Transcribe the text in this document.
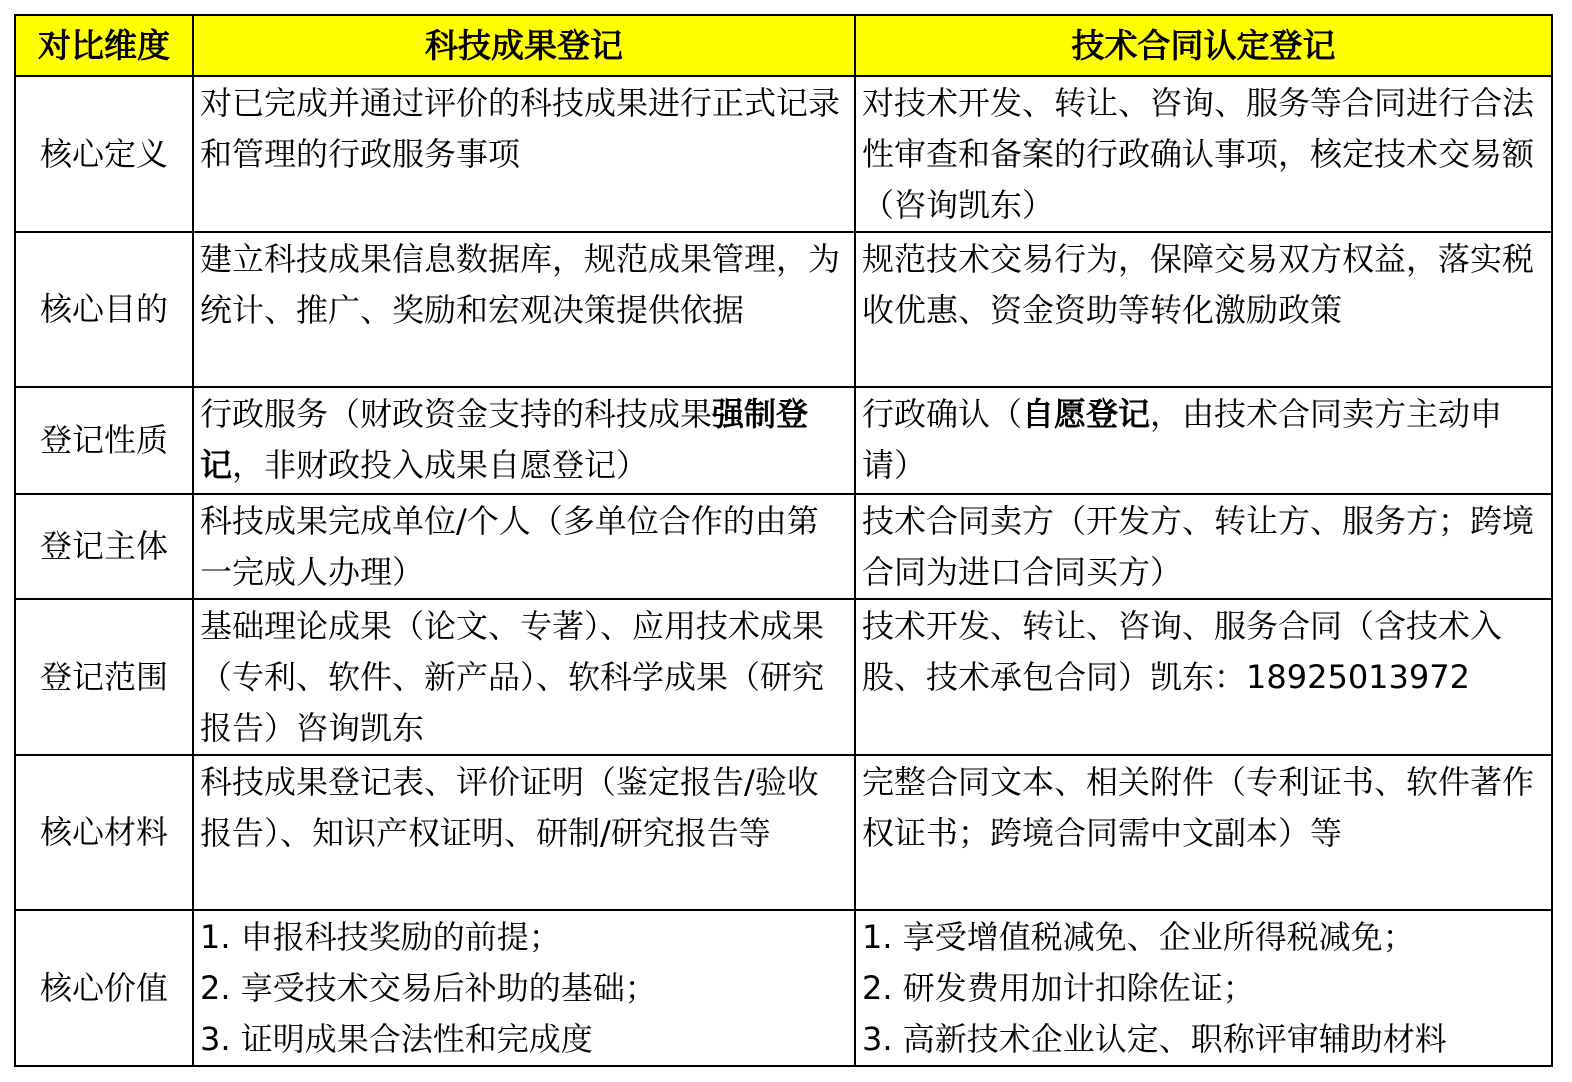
对比维度	科技成果登记	技术合同认定登记
核心定义	对已完成并通过评价的科技成果进行正式记录和管理的行政服务事项	对技术开发、转让、咨询、服务等合同进行合法性审查和备案的行政确认事项，核定技术交易额（咨询凯东）
核心目的	建立科技成果信息数据库，规范成果管理，为统计、推广、奖励和宏观决策提供依据	规范技术交易行为，保障交易双方权益，落实税收优惠、资金资助等转化激励政策
登记性质	行政服务（财政资金支持的科技成果强制登记，非财政投入成果自愿登记）	行政确认（自愿登记，由技术合同卖方主动申请）
登记主体	科技成果完成单位/个人（多单位合作的由第一完成人办理）	技术合同卖方（开发方、转让方、服务方；跨境合同为进口合同买方）
登记范围	基础理论成果（论文、专著）、应用技术成果（专利、软件、新产品）、软科学成果（研究报告）咨询凯东	技术开发、转让、咨询、服务合同（含技术入股、技术承包合同）凯东：18925013972
核心材料	科技成果登记表、评价证明（鉴定报告/验收报告）、知识产权证明、研制/研究报告等	完整合同文本、相关附件（专利证书、软件著作权证书；跨境合同需中文副本）等
核心价值	1. 申报科技奖励的前提； 2. 享受技术交易后补助的基础； 3. 证明成果合法性和完成度	1. 享受增值税减免、企业所得税减免； 2. 研发费用加计扣除佐证； 3. 高新技术企业认定、职称评审辅助材料
